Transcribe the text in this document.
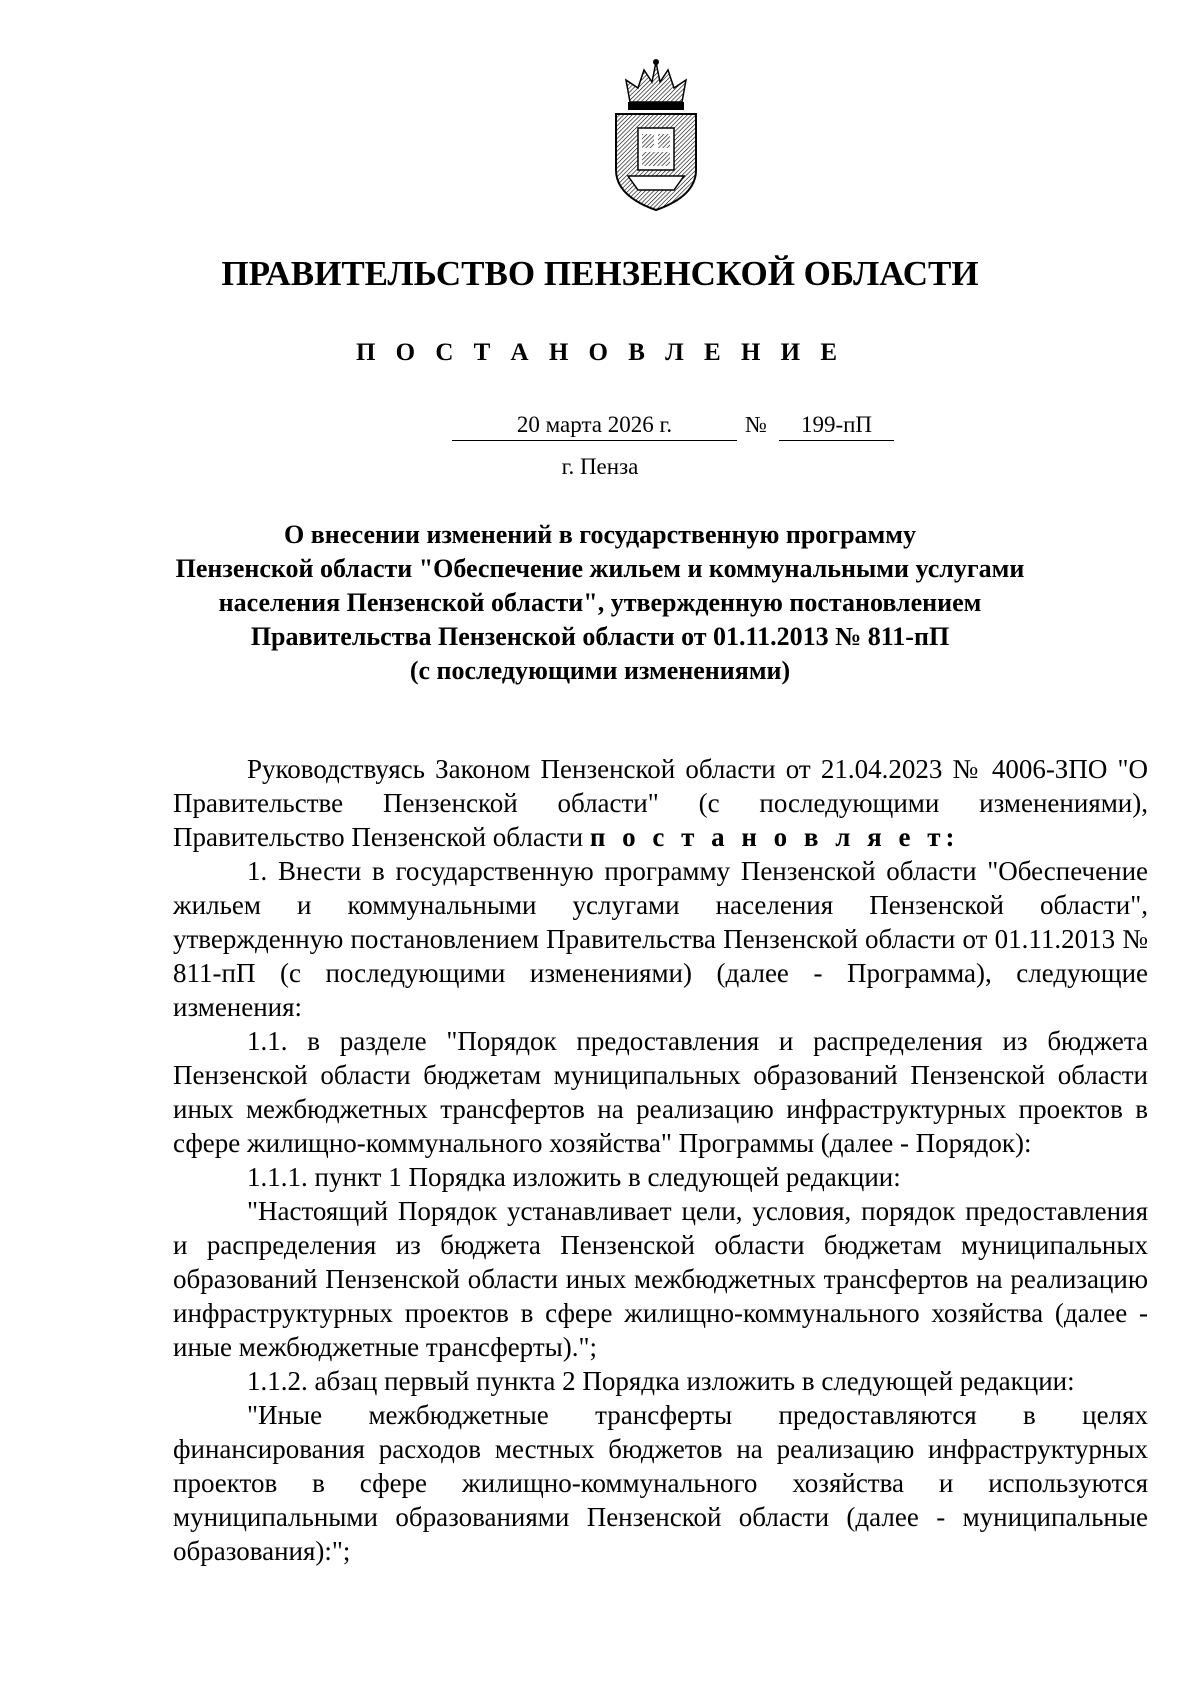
ПРАВИТЕЛЬСТВО ПЕНЗЕНСКОЙ ОБЛАСТИ
П О С Т А Н О В Л Е Н И Е
20 марта 2026 г.	№	199-пП
г. Пенза
О внесении изменений в государственную программу
Пензенской области "Обеспечение жильем и коммунальными услугами
населения Пензенской области", утвержденную постановлением
Правительства Пензенской области от 01.11.2013 № 811-пП
(с последующими изменениями)

Руководствуясь Законом Пензенской области от 21.04.2023 № 4006-ЗПО "О Правительстве Пензенской области" (с последующими изменениями), Правительство Пензенской области п о с т а н о в л я е т:

1. Внести в государственную программу Пензенской области "Обеспечение жильем и коммунальными услугами населения Пензенской области", утвержденную постановлением Правительства Пензенской области от 01.11.2013 № 811-пП (с последующими изменениями) (далее - Программа), следующие изменения:

1.1. в разделе "Порядок предоставления и распределения из бюджета Пензенской области бюджетам муниципальных образований Пензенской области иных межбюджетных трансфертов на реализацию инфраструктурных проектов в сфере жилищно-коммунального хозяйства" Программы (далее - Порядок):

1.1.1. пункт 1 Порядка изложить в следующей редакции:

"Настоящий Порядок устанавливает цели, условия, порядок предоставления и распределения из бюджета Пензенской области бюджетам муниципальных образований Пензенской области иных межбюджетных трансфертов на реализацию инфраструктурных проектов в сфере жилищно-коммунального хозяйства (далее - иные межбюджетные трансферты).";

1.1.2. абзац первый пункта 2 Порядка изложить в следующей редакции:

"Иные межбюджетные трансферты предоставляются в целях финансирования расходов местных бюджетов на реализацию инфраструктурных проектов в сфере жилищно-коммунального хозяйства и используются муниципальными образованиями Пензенской области (далее - муниципальные образования):";
